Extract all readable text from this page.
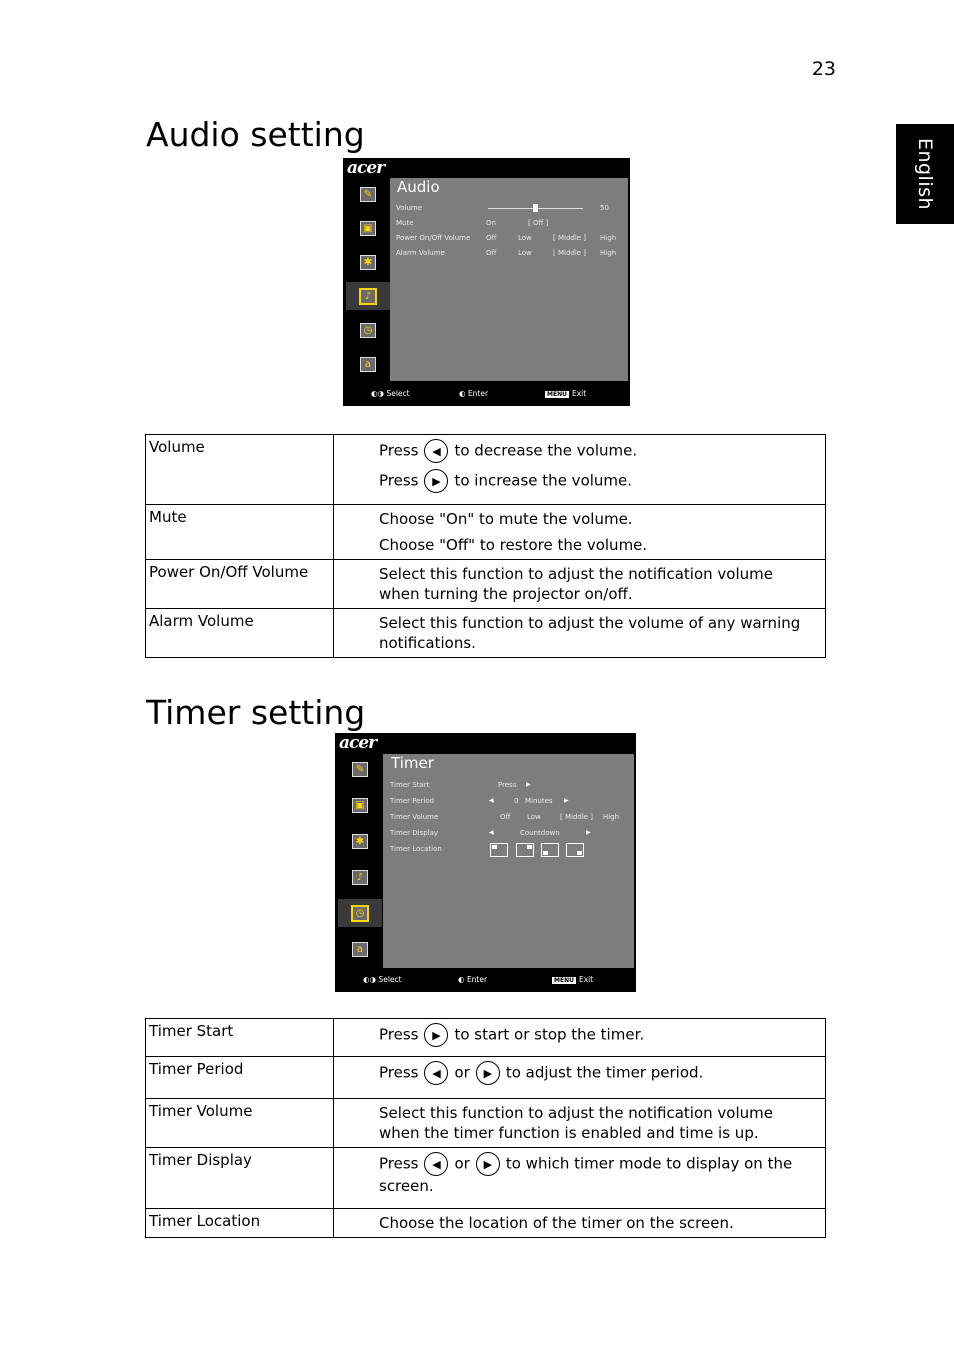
23
English
Audio setting
acer
Audio
✎
▣
✱
♪
◷
a
Volume	50
Mute	On	[ Off ]
Power On/Off Volume Off	Low	[ Middle ] High
Alarm Volume	Off	Low	[ Middle ] High
◐◑ Select	◐ Enter	MENU Exit
Volume	Press ◀ to decrease the volume.
Press ▶ to increase the volume.

Mute	Choose "On" to mute the volume.
Choose "Off" to restore the volume.

Power On/Off Volume	Select this function to adjust the notification volume when turning the projector on/off.

Alarm Volume	Select this function to adjust the volume of any warning notifications.
Timer setting
acer
Timer
✎
▣
✱
♪
◷
a
Timer Start	Press ▶
Timer Period	◀	0 Minutes ▶
Timer Volume	Off Low	[ Middle ] High
Timer Display	◀	Countdown	▶
Timer Location
◐◑ Select	◐ Enter	MENU Exit
Timer Start	Press ▶ to start or stop the timer.

Timer Period	Press ◀ or ▶ to adjust the timer period.

Timer Volume	Select this function to adjust the notification volume when the timer function is enabled and time is up.

Timer Display	Press ◀ or ▶ to which timer mode to display on the screen.

Timer Location	Choose the location of the timer on the screen.
